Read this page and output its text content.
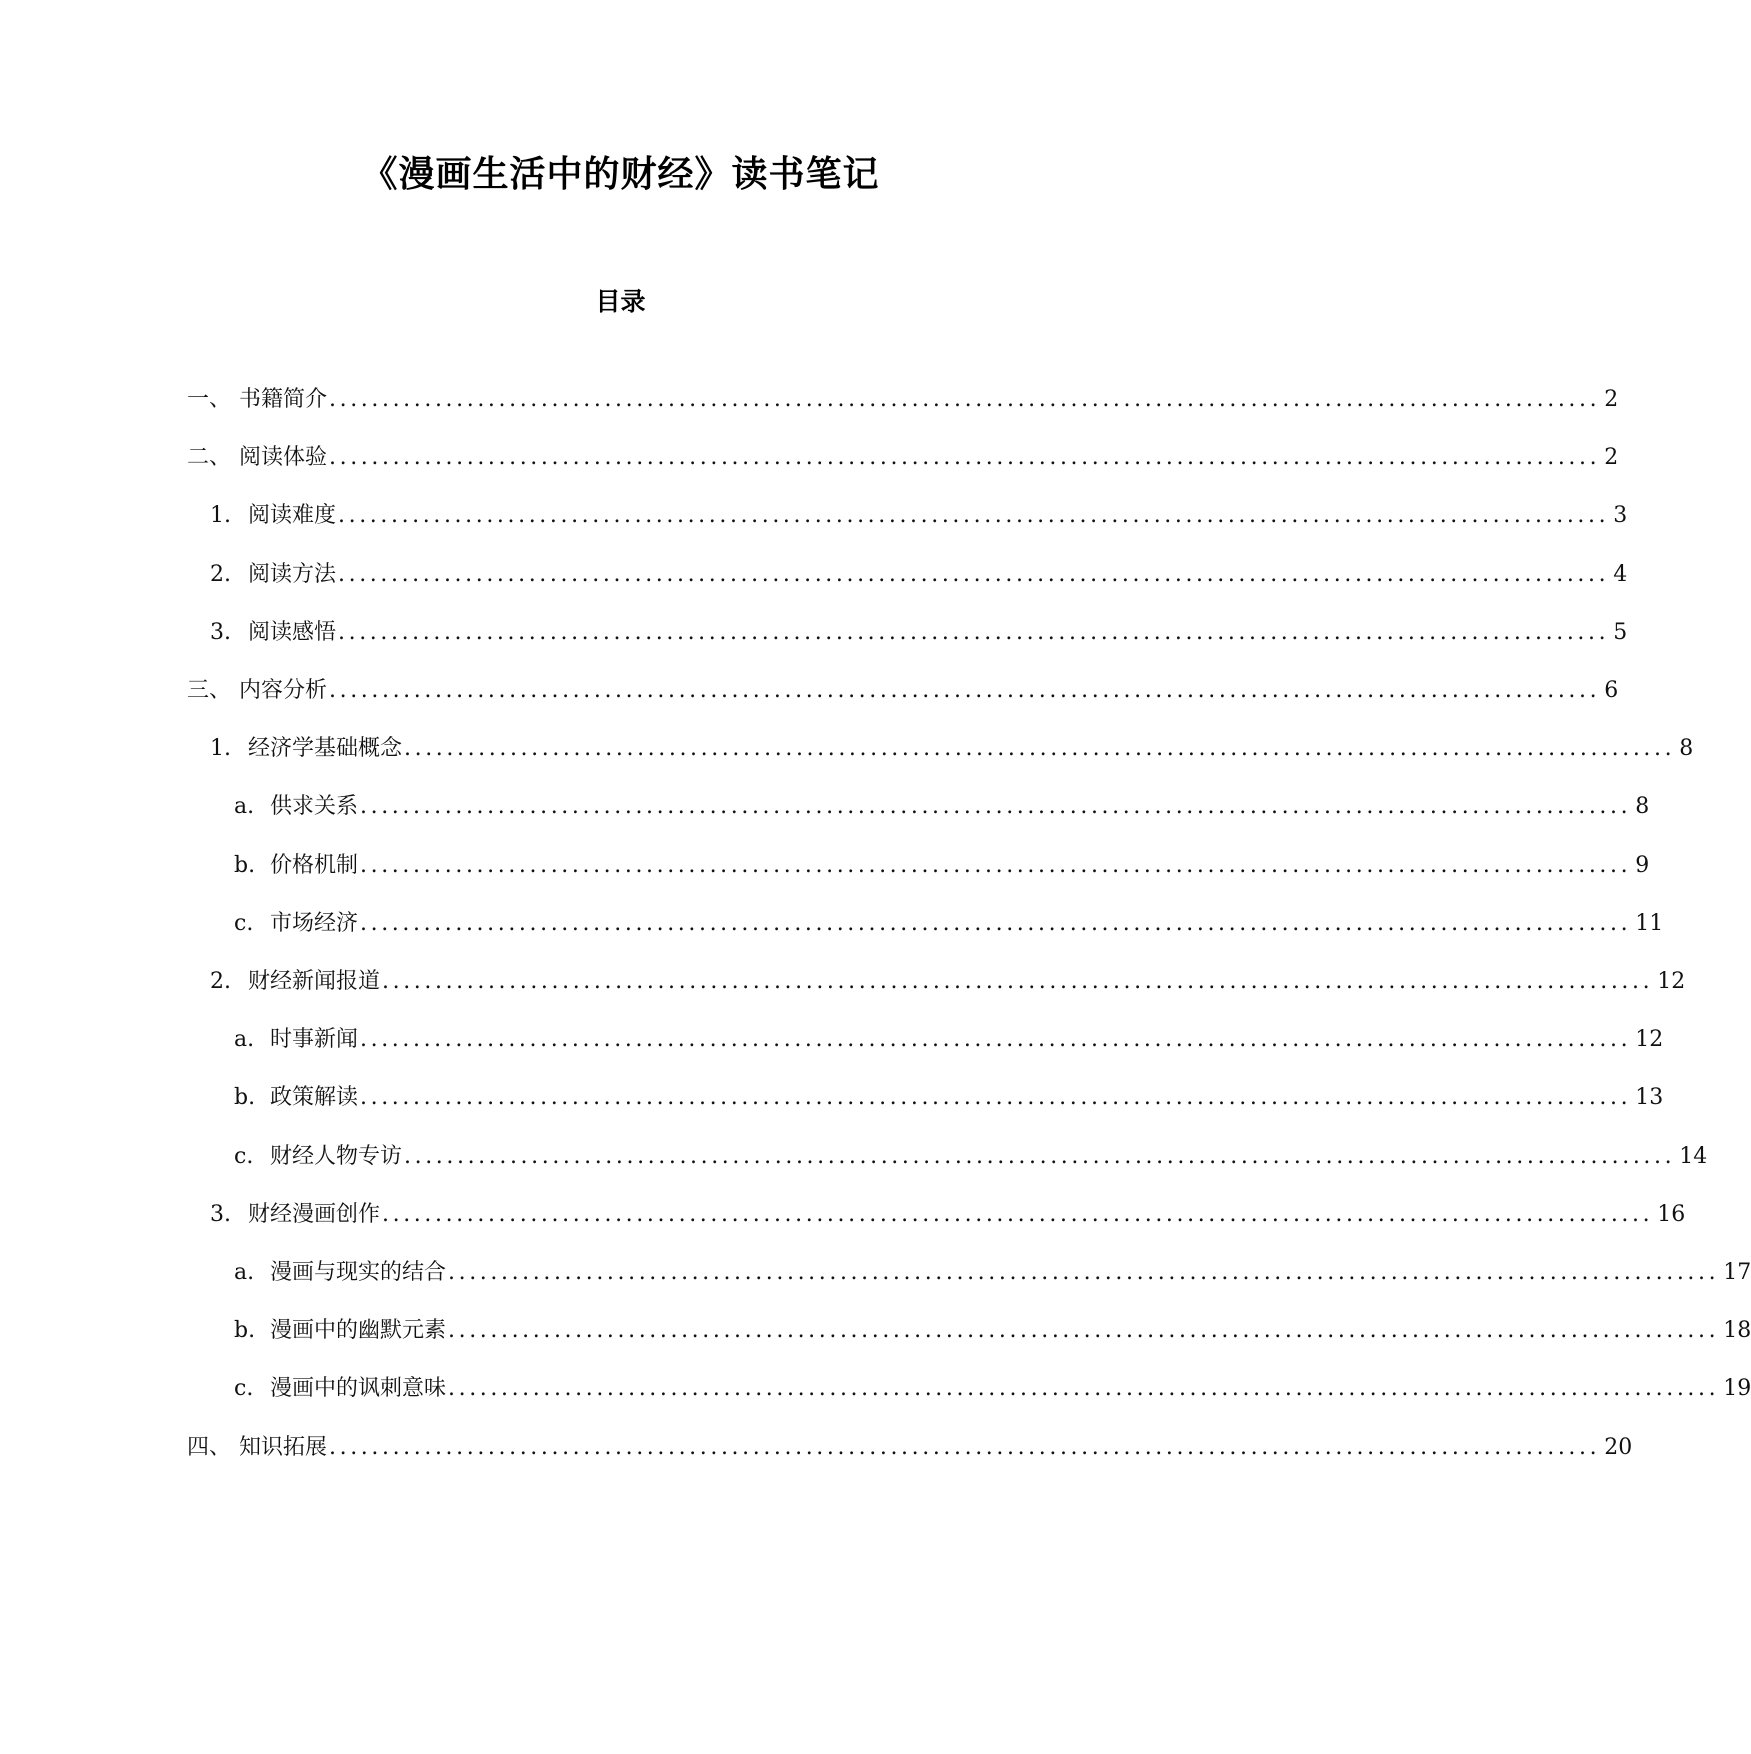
《漫画生活中的财经》读书笔记
目录
一、 书籍简介 ........................................................................................................................ 2
二、 阅读体验 ........................................................................................................................ 2
1. 阅读难度 ........................................................................................................................ 3
2. 阅读方法 ........................................................................................................................ 4
3. 阅读感悟 ........................................................................................................................ 5
三、 内容分析 ........................................................................................................................ 6
1. 经济学基础概念 ........................................................................................................................ 8
a. 供求关系 ........................................................................................................................ 8
b. 价格机制 ........................................................................................................................ 9
c. 市场经济 ........................................................................................................................ 11
2. 财经新闻报道 ........................................................................................................................ 12
a. 时事新闻 ........................................................................................................................ 12
b. 政策解读 ........................................................................................................................ 13
c. 财经人物专访 ........................................................................................................................ 14
3. 财经漫画创作 ........................................................................................................................ 16
a. 漫画与现实的结合 ........................................................................................................................ 17
b. 漫画中的幽默元素 ........................................................................................................................ 18
c. 漫画中的讽刺意味 ........................................................................................................................ 19
四、 知识拓展 ........................................................................................................................ 20
